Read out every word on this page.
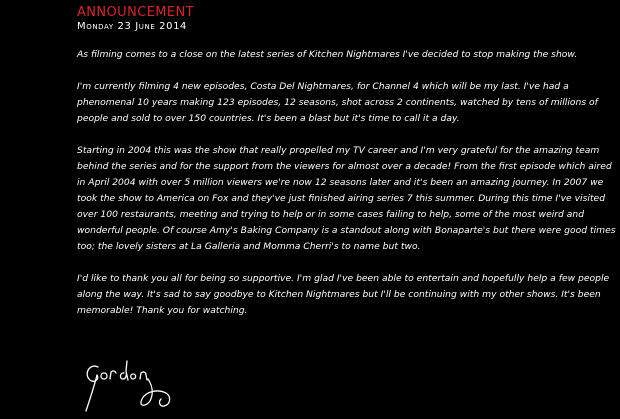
ANNOUNCEMENT
Monday 23 June 2014

As filming comes to a close on the latest series of Kitchen Nightmares I've decided to stop making the show.

I'm currently filming 4 new episodes, Costa Del Nightmares, for Channel 4 which will be my last. I've had a phenomenal 10 years making 123 episodes, 12 seasons, shot across 2 continents, watched by tens of millions of people and sold to over 150 countries. It's been a blast but it's time to call it a day.

Starting in 2004 this was the show that really propelled my TV career and I'm very grateful for the amazing team behind the series and for the support from the viewers for almost over a decade! From the first episode which aired in April 2004 with over 5 million viewers we're now 12 seasons later and it's been an amazing journey. In 2007 we took the show to America on Fox and they've just finished airing series 7 this summer. During this time I've visited over 100 restaurants, meeting and trying to help or in some cases failing to help, some of the most weird and wonderful people. Of course Amy's Baking Company is a standout along with Bonaparte's but there were good times too; the lovely sisters at La Galleria and Momma Cherri's to name but two.

I'd like to thank you all for being so supportive. I'm glad I've been able to entertain and hopefully help a few people along the way. It's sad to say goodbye to Kitchen Nightmares but I'll be continuing with my other shows. It's been memorable! Thank you for watching.
